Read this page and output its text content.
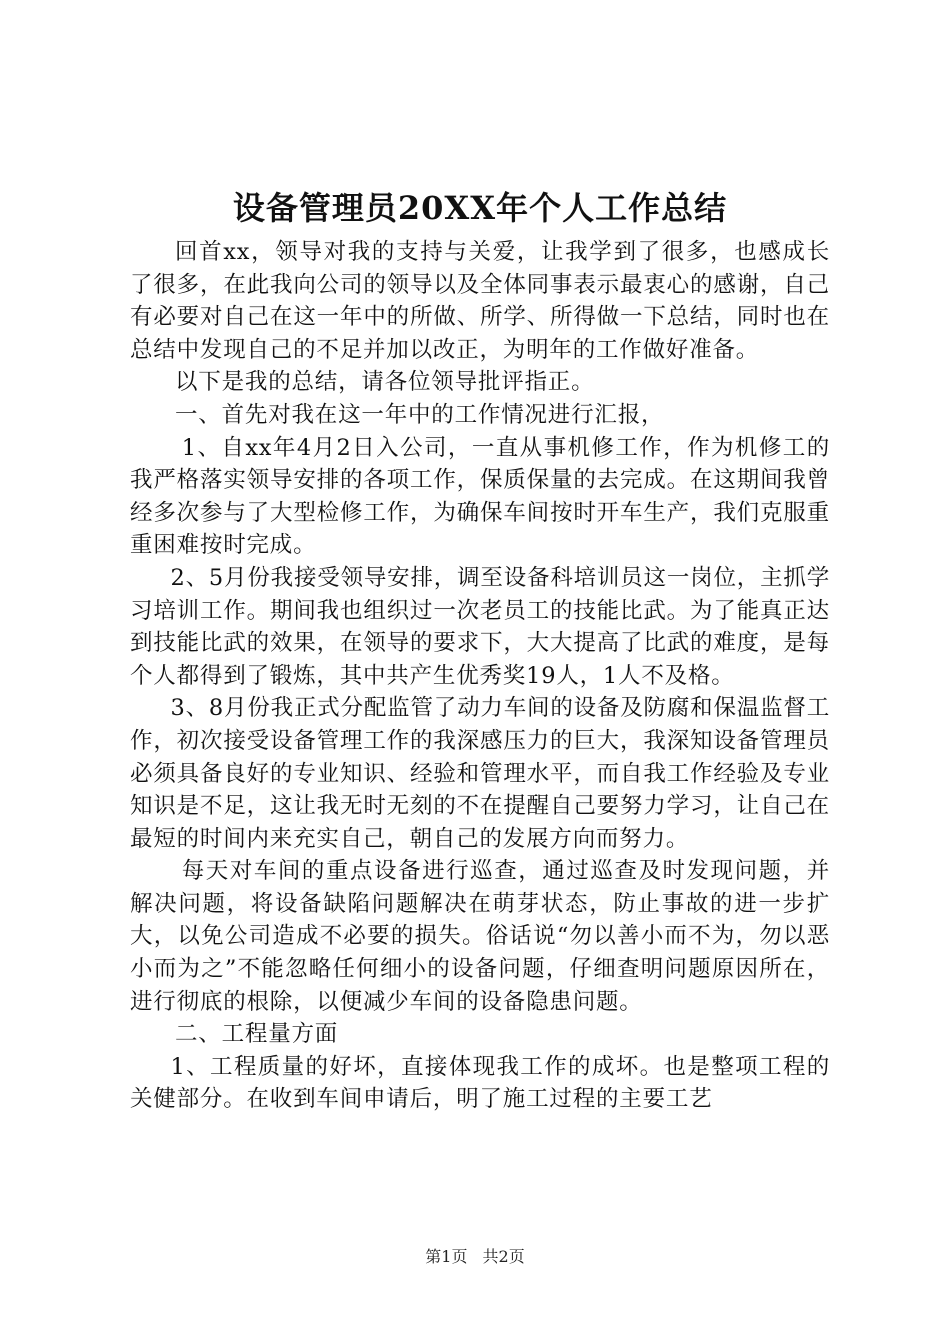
设备管理员20XX年个人工作总结

回首xx，领导对我的支持与关爱，让我学到了很多，也感成长了很多，在此我向公司的领导以及全体同事表示最衷心的感谢，自己有必要对自己在这一年中的所做、所学、所得做一下总结，同时也在总结中发现自己的不足并加以改正，为明年的工作做好准备。

以下是我的总结，请各位领导批评指正。

一、首先对我在这一年中的工作情况进行汇报，

1、自xx年4月2日入公司，一直从事机修工作，作为机修工的我严格落实领导安排的各项工作，保质保量的去完成。在这期间我曾经多次参与了大型检修工作，为确保车间按时开车生产，我们克服重重困难按时完成。

2、5月份我接受领导安排，调至设备科培训员这一岗位，主抓学习培训工作。期间我也组织过一次老员工的技能比武。为了能真正达到技能比武的效果，在领导的要求下，大大提高了比武的难度，是每个人都得到了锻炼，其中共产生优秀奖19人，1人不及格。

3、8月份我正式分配监管了动力车间的设备及防腐和保温监督工作，初次接受设备管理工作的我深感压力的巨大，我深知设备管理员必须具备良好的专业知识、经验和管理水平，而自我工作经验及专业知识是不足，这让我无时无刻的不在提醒自己要努力学习，让自己在最短的时间内来充实自己，朝自己的发展方向而努力。

每天对车间的重点设备进行巡查，通过巡查及时发现问题，并解决问题，将设备缺陷问题解决在萌芽状态，防止事故的进一步扩大，以免公司造成不必要的损失。俗话说“勿以善小而不为，勿以恶小而为之”不能忽略任何细小的设备问题，仔细查明问题原因所在，进行彻底的根除，以便减少车间的设备隐患问题。

二、工程量方面

1、工程质量的好坏，直接体现我工作的成坏。也是整项工程的关健部分。在收到车间申请后，明了施工过程的主要工艺

第1页 共2页
